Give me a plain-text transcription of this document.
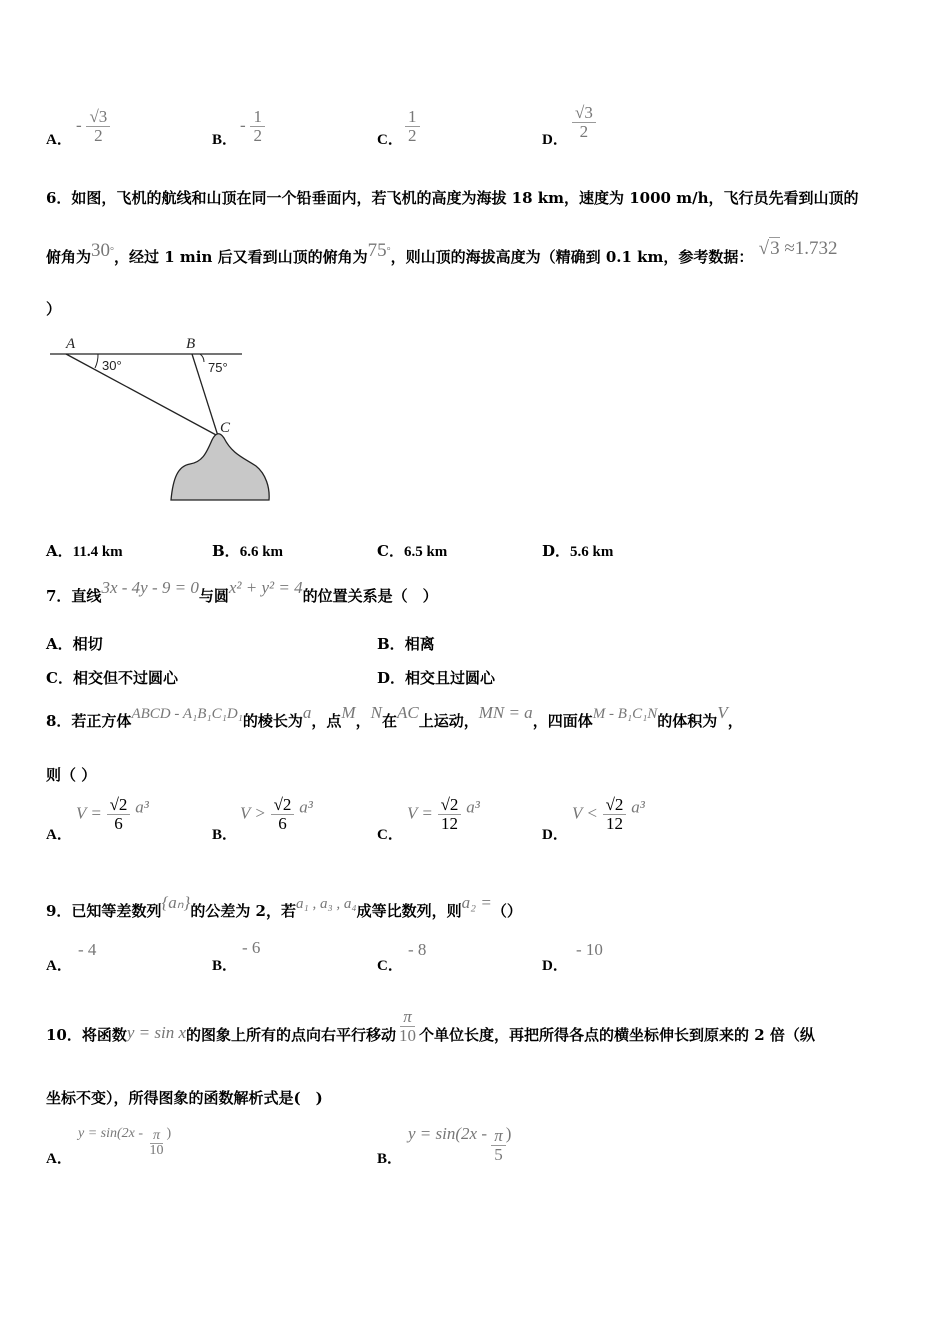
A．
- $\frac{√3}{2}$	B．
- $\frac{1}{2}$	C． $\frac{1}{2}$	D． $\frac{√3}{2}$
6．如图，飞机的航线和山顶在同一个铅垂面内，若飞机的高度为海拔 18 km，速度为 1000 m/h，飞行员先看到山顶的
俯角为30°，经过 1 min 后又看到山顶的俯角为75°，则山顶的海拔高度为（精确到 0.1 km，参考数据： √3 ≈1.732
）
A	B
C
30°	75°
A．11.4 km	B．6.6 km	C．6.5 km	D．5.6 km
7．直线3x - 4y - 9 = 0与圆x² + y² = 4的位置关系是（　）
A．相切	B．相离
C．相交但不过圆心	D．相交且过圆心
8．若正方体ABCD - A₁B₁C₁D₁的棱长为a，点M，N在AC上运动，MN = a，四面体M - B₁C₁N的体积为V，
则（ ）
A．
$V = \frac{√2}{6} a^3$
B．
$V > \frac{√2}{6} a^3$
C．
$V = \frac{√2}{12} a^3$
D．
$V < \frac{√2}{12} a^3$
9．已知等差数列{aₙ}的公差为 2，若a₁ , a₃ , a₄成等比数列，则a₂ =（）
A．
- 4
B．
- 6
C．
- 8
D．
- 10
10．将函数y = sin x的图象上所有的点向右平行移动 $\frac{\pi}{10}$ 个单位长度，再把所得各点的横坐标伸长到原来的 2 倍（纵
坐标不变），所得图象的函数解析式是(　)
A．
$y = \sin(2x - \frac{\pi}{10}$ )
B．
$y = \sin(2x - \frac{\pi}{5}$ )
